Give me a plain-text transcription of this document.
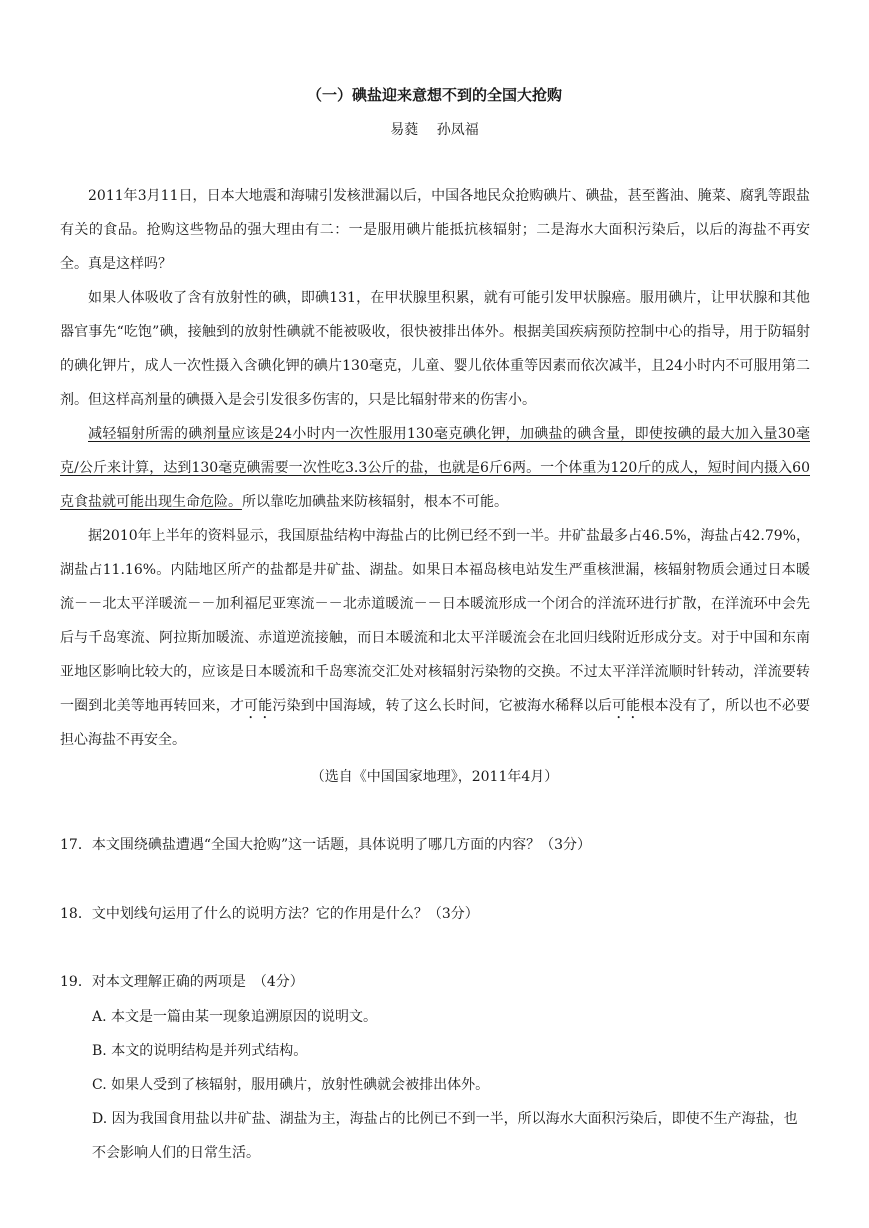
（一）碘盐迎来意想不到的全国大抢购
易蕤 孙凤福

2011年3月11日，日本大地震和海啸引发核泄漏以后，中国各地民众抢购碘片、碘盐，甚至酱油、腌菜、腐乳等跟盐有关的食品。抢购这些物品的强大理由有二：一是服用碘片能抵抗核辐射；二是海水大面积污染后，以后的海盐不再安全。真是这样吗？

如果人体吸收了含有放射性的碘，即碘131，在甲状腺里积累，就有可能引发甲状腺癌。服用碘片，让甲状腺和其他器官事先“吃饱”碘，接触到的放射性碘就不能被吸收，很快被排出体外。根据美国疾病预防控制中心的指导，用于防辐射的碘化钾片，成人一次性摄入含碘化钾的碘片130毫克，儿童、婴儿依体重等因素而依次减半，且24小时内不可服用第二剂。但这样高剂量的碘摄入是会引发很多伤害的，只是比辐射带来的伤害小。

减轻辐射所需的碘剂量应该是24小时内一次性服用130毫克碘化钾，加碘盐的碘含量，即使按碘的最大加入量30毫克/公斤来计算，达到130毫克碘需要一次性吃3.3公斤的盐，也就是6斤6两。一个体重为120斤的成人，短时间内摄入60克食盐就可能出现生命危险。所以靠吃加碘盐来防核辐射，根本不可能。

据2010年上半年的资料显示，我国原盐结构中海盐占的比例已经不到一半。井矿盐最多占46.5%，海盐占42.79%，湖盐占11.16%。内陆地区所产的盐都是井矿盐、湖盐。如果日本福岛核电站发生严重核泄漏，核辐射物质会通过日本暖流－－北太平洋暖流－－加利福尼亚寒流－－北赤道暖流－－日本暖流形成一个闭合的洋流环进行扩散，在洋流环中会先后与千岛寒流、阿拉斯加暖流、赤道逆流接触，而日本暖流和北太平洋暖流会在北回归线附近形成分支。对于中国和东南亚地区影响比较大的，应该是日本暖流和千岛寒流交汇处对核辐射污染物的交换。不过太平洋洋流顺时针转动，洋流要转一圈到北美等地再转回来，才可能污染到中国海域，转了这么长时间，它被海水稀释以后可能根本没有了，所以也不必要担心海盐不再安全。

（选自《中国国家地理》，2011年4月）

17．本文围绕碘盐遭遇“全国大抢购”这一话题，具体说明了哪几方面的内容？（3分）

18．文中划线句运用了什么的说明方法？它的作用是什么？（3分）

19．对本文理解正确的两项是　（4分）

A. 本文是一篇由某一现象追溯原因的说明文。

B. 本文的说明结构是并列式结构。

C. 如果人受到了核辐射，服用碘片，放射性碘就会被排出体外。

D. 因为我国食用盐以井矿盐、湖盐为主，海盐占的比例已不到一半，所以海水大面积污染后，即使不生产海盐，也不会影响人们的日常生活。
